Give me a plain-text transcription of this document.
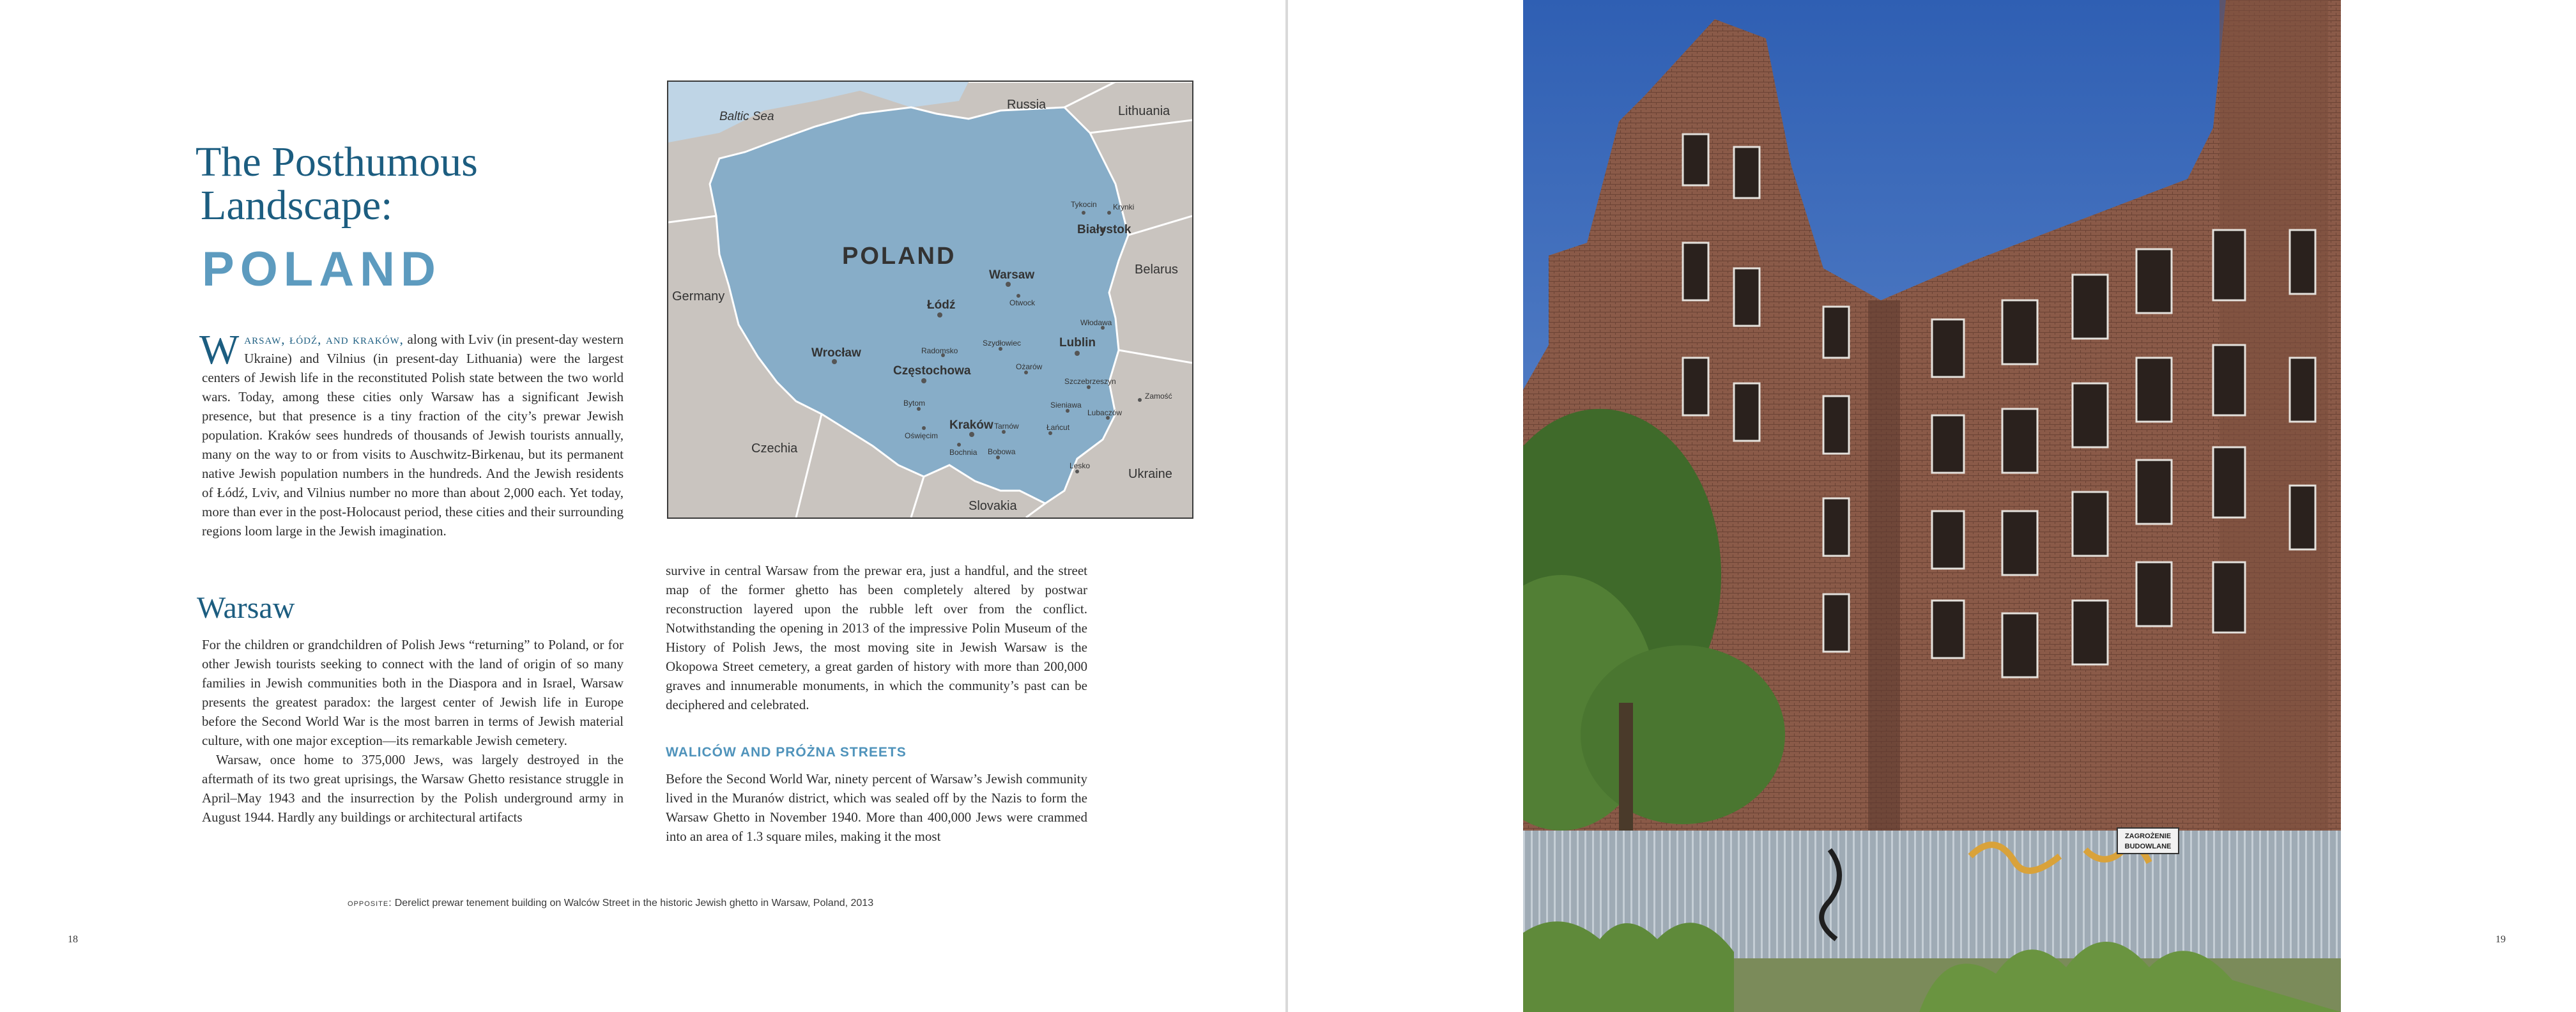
The Posthumous
Landscape:
POLAND

Warsaw, łódź, and kraków, along with Lviv (in present-day western Ukraine) and Vilnius (in present-day Lithuania) were the largest centers of Jewish life in the reconstituted Polish state between the two world wars. Today, among these cities only Warsaw has a significant Jewish presence, but that presence is a tiny fraction of the city’s prewar Jewish population. Kraków sees hundreds of thousands of Jewish tourists annually, many on the way to or from visits to Auschwitz-Birkenau, but its permanent native Jewish population numbers in the hundreds. And the Jewish residents of Łódź, Lviv, and Vilnius number no more than about 2,000 each. Yet today, more than ever in the post-Holocaust period, these cities and their surrounding regions loom large in the Jewish imagination.

Warsaw

For the children or grandchildren of Polish Jews “returning” to Poland, or for other Jewish tourists seeking to connect with the land of origin of so many families in Jewish communities both in the Diaspora and in Israel, Warsaw presents the greatest paradox: the largest center of Jewish life in Europe before the Second World War is the most barren in terms of Jewish material culture, with one major exception—its remarkable Jewish cemetery.

Warsaw, once home to 375,000 Jews, was largely destroyed in the aftermath of its two great uprisings, the Warsaw Ghetto resistance struggle in April–May 1943 and the insurrection by the Polish underground army in August 1944. Hardly any buildings or architectural artifacts

survive in central Warsaw from the prewar era, just a handful, and the street map of the former ghetto has been completely altered by postwar reconstruction layered upon the rubble left over from the conflict. Notwithstanding the opening in 2013 of the impressive Polin Museum of the History of Polish Jews, the most moving site in Jewish Warsaw is the Okopowa Street cemetery, a great garden of history with more than 200,000 graves and innumerable monuments, in which the community’s past can be deciphered and celebrated.

WALICÓW AND PRÓŻNA STREETS

Before the Second World War, ninety percent of Warsaw’s Jewish community lived in the Muranów district, which was sealed off by the Nazis to form the Warsaw Ghetto in November 1940. More than 400,000 Jews were crammed into an area of 1.3 square miles, making it the most

opposite: Derelict prewar tenement building on Walców Street in the historic Jewish ghetto in Warsaw, Poland, 2013
18
Baltic Sea
Russia	Lithuania
Belarus
Germany
Czechia
Slovakia
Ukraine
POLAND
Warsaw
Łódź
Wrocław
Częstochowa
Kraków
Lublin
Białystok
Tykocin Krynki
Otwock
Włodawa
Radomsko
Szydłowiec
Ożarów
Szczebrzeszyn
Zamość
Bytom
Oświęcim
Bochnia
Tarnów
Sieniawa
Lubaczów
Łańcut
Bobowa
Lesko
19
ZAGROŻENIE
BUDOWLANE
